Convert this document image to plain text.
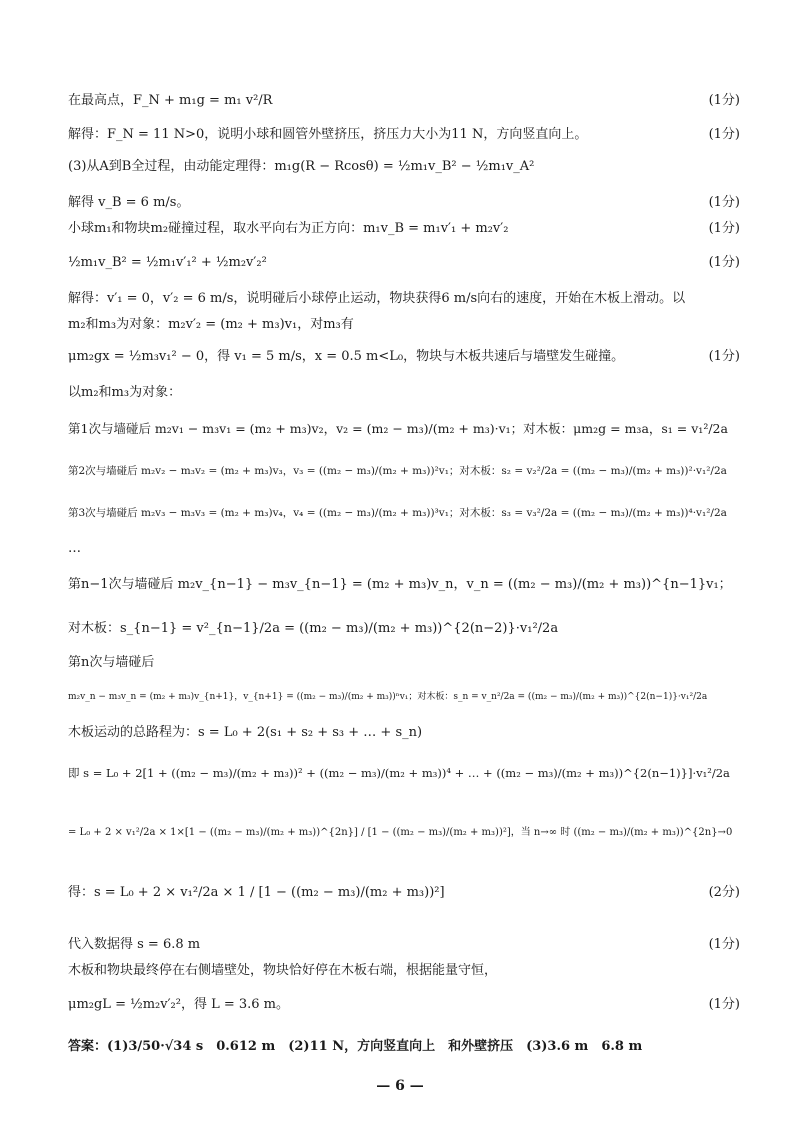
在最高点，F_N + m₁g = m₁ v²/R	(1分)
解得：F_N = 11 N>0，说明小球和圆管外壁挤压，挤压力大小为11 N，方向竖直向上。	(1分)
(3)从A到B全过程，由动能定理得：m₁g(R − Rcosθ) = ½m₁v_B² − ½m₁v_A²
解得 v_B = 6 m/s。	(1分)
小球m₁和物块m₂碰撞过程，取水平向右为正方向：m₁v_B = m₁v′₁ + m₂v′₂	(1分)
½m₁v_B² = ½m₁v′₁² + ½m₂v′₂²	(1分)
解得：v′₁ = 0，v′₂ = 6 m/s，说明碰后小球停止运动，物块获得6 m/s向右的速度，开始在木板上滑动。以
m₂和m₃为对象：m₂v′₂ = (m₂ + m₃)v₁，对m₃有
μm₂gx = ½m₃v₁² − 0，得 v₁ = 5 m/s，x = 0.5 m<L₀，物块与木板共速后与墙壁发生碰撞。	(1分)
以m₂和m₃为对象：
第1次与墙碰后 m₂v₁ − m₃v₁ = (m₂ + m₃)v₂，v₂ = (m₂ − m₃)/(m₂ + m₃)·v₁；对木板：μm₂g = m₃a，s₁ = v₁²/2a
第2次与墙碰后 m₂v₂ − m₃v₂ = (m₂ + m₃)v₃，v₃ = ((m₂ − m₃)/(m₂ + m₃))²v₁；对木板：s₂ = v₂²/2a = ((m₂ − m₃)/(m₂ + m₃))²·v₁²/2a
第3次与墙碰后 m₂v₃ − m₃v₃ = (m₂ + m₃)v₄，v₄ = ((m₂ − m₃)/(m₂ + m₃))³v₁；对木板：s₃ = v₃²/2a = ((m₂ − m₃)/(m₂ + m₃))⁴·v₁²/2a
…
第n−1次与墙碰后 m₂v_{n−1} − m₃v_{n−1} = (m₂ + m₃)v_n，v_n = ((m₂ − m₃)/(m₂ + m₃))^{n−1}v₁；
对木板：s_{n−1} = v²_{n−1}/2a = ((m₂ − m₃)/(m₂ + m₃))^{2(n−2)}·v₁²/2a
第n次与墙碰后
m₂v_n − m₃v_n = (m₂ + m₃)v_{n+1}，v_{n+1} = ((m₂ − m₃)/(m₂ + m₃))ⁿv₁；对木板：s_n = v_n²/2a = ((m₂ − m₃)/(m₂ + m₃))^{2(n−1)}·v₁²/2a
木板运动的总路程为：s = L₀ + 2(s₁ + s₂ + s₃ + … + s_n)
即 s = L₀ + 2[1 + ((m₂ − m₃)/(m₂ + m₃))² + ((m₂ − m₃)/(m₂ + m₃))⁴ + … + ((m₂ − m₃)/(m₂ + m₃))^{2(n−1)}]·v₁²/2a
= L₀ + 2 × v₁²/2a × 1×[1 − ((m₂ − m₃)/(m₂ + m₃))^{2n}] / [1 − ((m₂ − m₃)/(m₂ + m₃))²]，当 n→∞ 时 ((m₂ − m₃)/(m₂ + m₃))^{2n}→0
得：s = L₀ + 2 × v₁²/2a × 1 / [1 − ((m₂ − m₃)/(m₂ + m₃))²]	(2分)
代入数据得 s = 6.8 m	(1分)
木板和物块最终停在右侧墙壁处，物块恰好停在木板右端，根据能量守恒，
μm₂gL = ½m₂v′₂²，得 L = 3.6 m。	(1分)
答案：(1)3/50·√34 s　0.612 m　(2)11 N，方向竖直向上　和外壁挤压　(3)3.6 m　6.8 m
— 6 —
